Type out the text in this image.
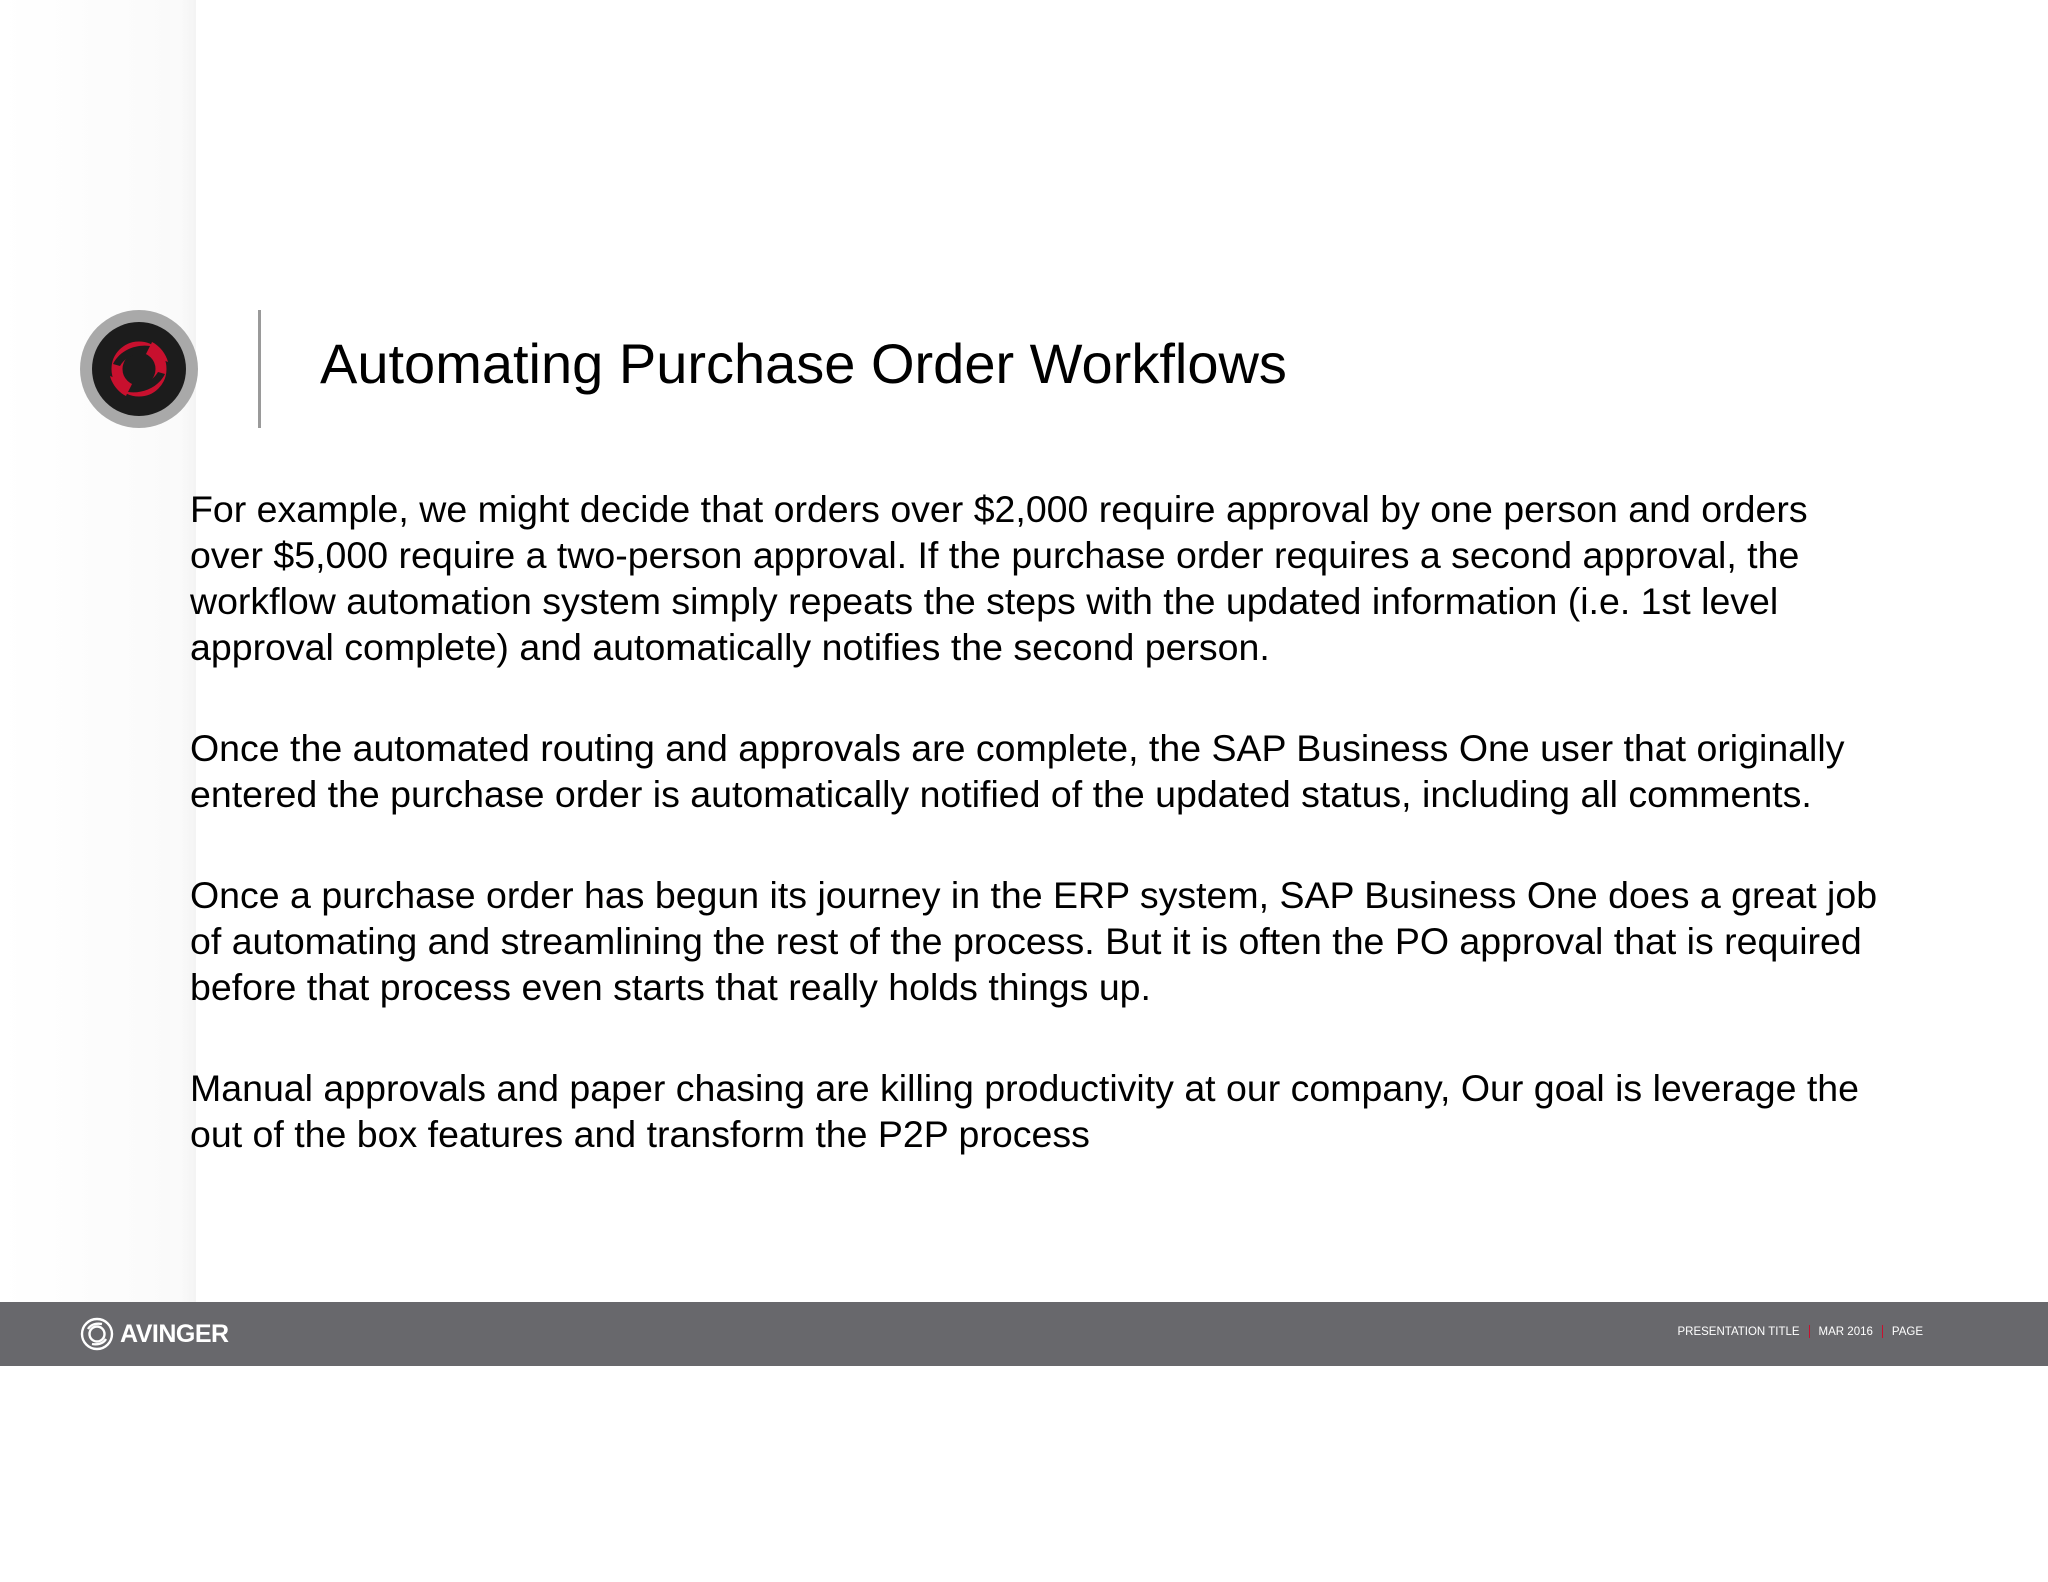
Automating Purchase Order Workflows

For example, we might decide that orders over $2,000 require approval by one person and orders over $5,000 require a two-person approval. If the purchase order requires a second approval, the workflow automation system simply repeats the steps with the updated information (i.e. 1st level approval complete) and automatically notifies the second person.

Once the automated routing and approvals are complete, the SAP Business One user that originally entered the purchase order is automatically notified of the updated status, including all comments.

Once a purchase order has begun its journey in the ERP system, SAP Business One does a great job of automating and streamlining the rest of the process. But it is often the PO approval that is required before that process even starts that really holds things up.

Manual approvals and paper chasing are killing productivity at our company, Our goal is leverage the out of the box features and transform the P2P process

AVINGER	PRESENTATION TITLE MAR 2016 PAGE
